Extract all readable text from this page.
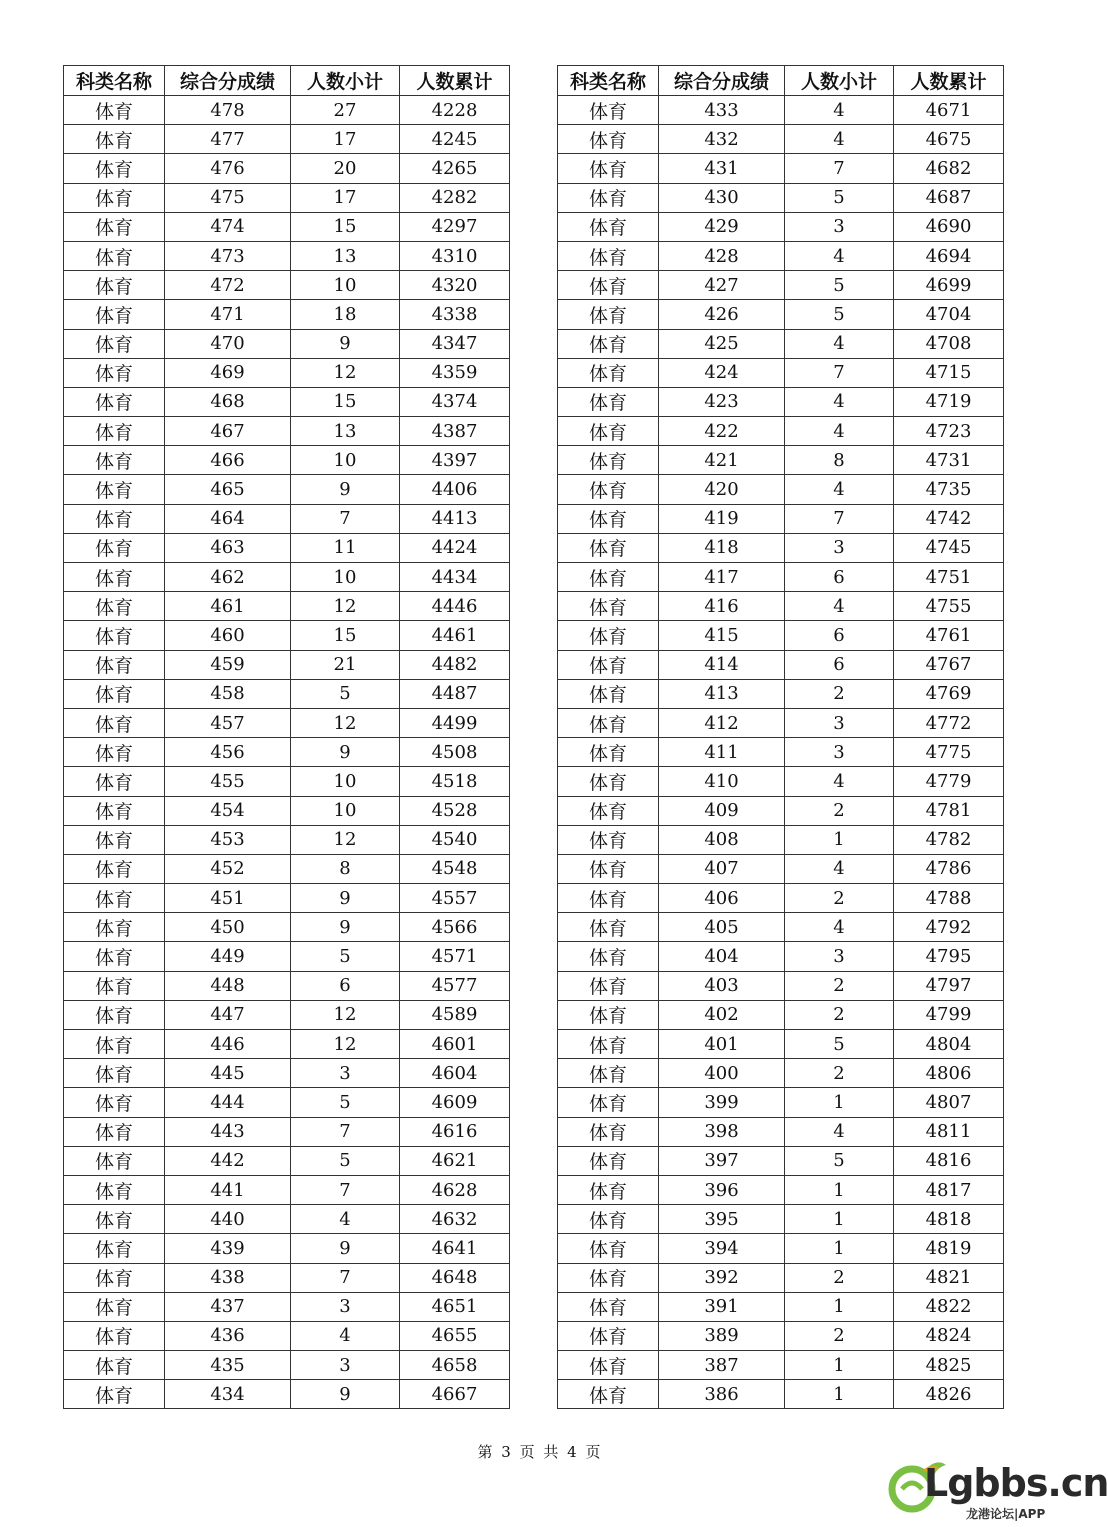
科类名称	综合分成绩	人数小计	人数累计
体育	478	27	4228
体育	477	17	4245
体育	476	20	4265
体育	475	17	4282
体育	474	15	4297
体育	473	13	4310
体育	472	10	4320
体育	471	18	4338
体育	470	9	4347
体育	469	12	4359
体育	468	15	4374
体育	467	13	4387
体育	466	10	4397
体育	465	9	4406
体育	464	7	4413
体育	463	11	4424
体育	462	10	4434
体育	461	12	4446
体育	460	15	4461
体育	459	21	4482
体育	458	5	4487
体育	457	12	4499
体育	456	9	4508
体育	455	10	4518
体育	454	10	4528
体育	453	12	4540
体育	452	8	4548
体育	451	9	4557
体育	450	9	4566
体育	449	5	4571
体育	448	6	4577
体育	447	12	4589
体育	446	12	4601
体育	445	3	4604
体育	444	5	4609
体育	443	7	4616
体育	442	5	4621
体育	441	7	4628
体育	440	4	4632
体育	439	9	4641
体育	438	7	4648
体育	437	3	4651
体育	436	4	4655
体育	435	3	4658
体育	434	9	4667
科类名称	综合分成绩	人数小计	人数累计
体育	433	4	4671
体育	432	4	4675
体育	431	7	4682
体育	430	5	4687
体育	429	3	4690
体育	428	4	4694
体育	427	5	4699
体育	426	5	4704
体育	425	4	4708
体育	424	7	4715
体育	423	4	4719
体育	422	4	4723
体育	421	8	4731
体育	420	4	4735
体育	419	7	4742
体育	418	3	4745
体育	417	6	4751
体育	416	4	4755
体育	415	6	4761
体育	414	6	4767
体育	413	2	4769
体育	412	3	4772
体育	411	3	4775
体育	410	4	4779
体育	409	2	4781
体育	408	1	4782
体育	407	4	4786
体育	406	2	4788
体育	405	4	4792
体育	404	3	4795
体育	403	2	4797
体育	402	2	4799
体育	401	5	4804
体育	400	2	4806
体育	399	1	4807
体育	398	4	4811
体育	397	5	4816
体育	396	1	4817
体育	395	1	4818
体育	394	1	4819
体育	392	2	4821
体育	391	1	4822
体育	389	2	4824
体育	387	1	4825
体育	386	1	4826
第 3 页 共 4 页
Lgbbs.cn
龙港论坛|APP
